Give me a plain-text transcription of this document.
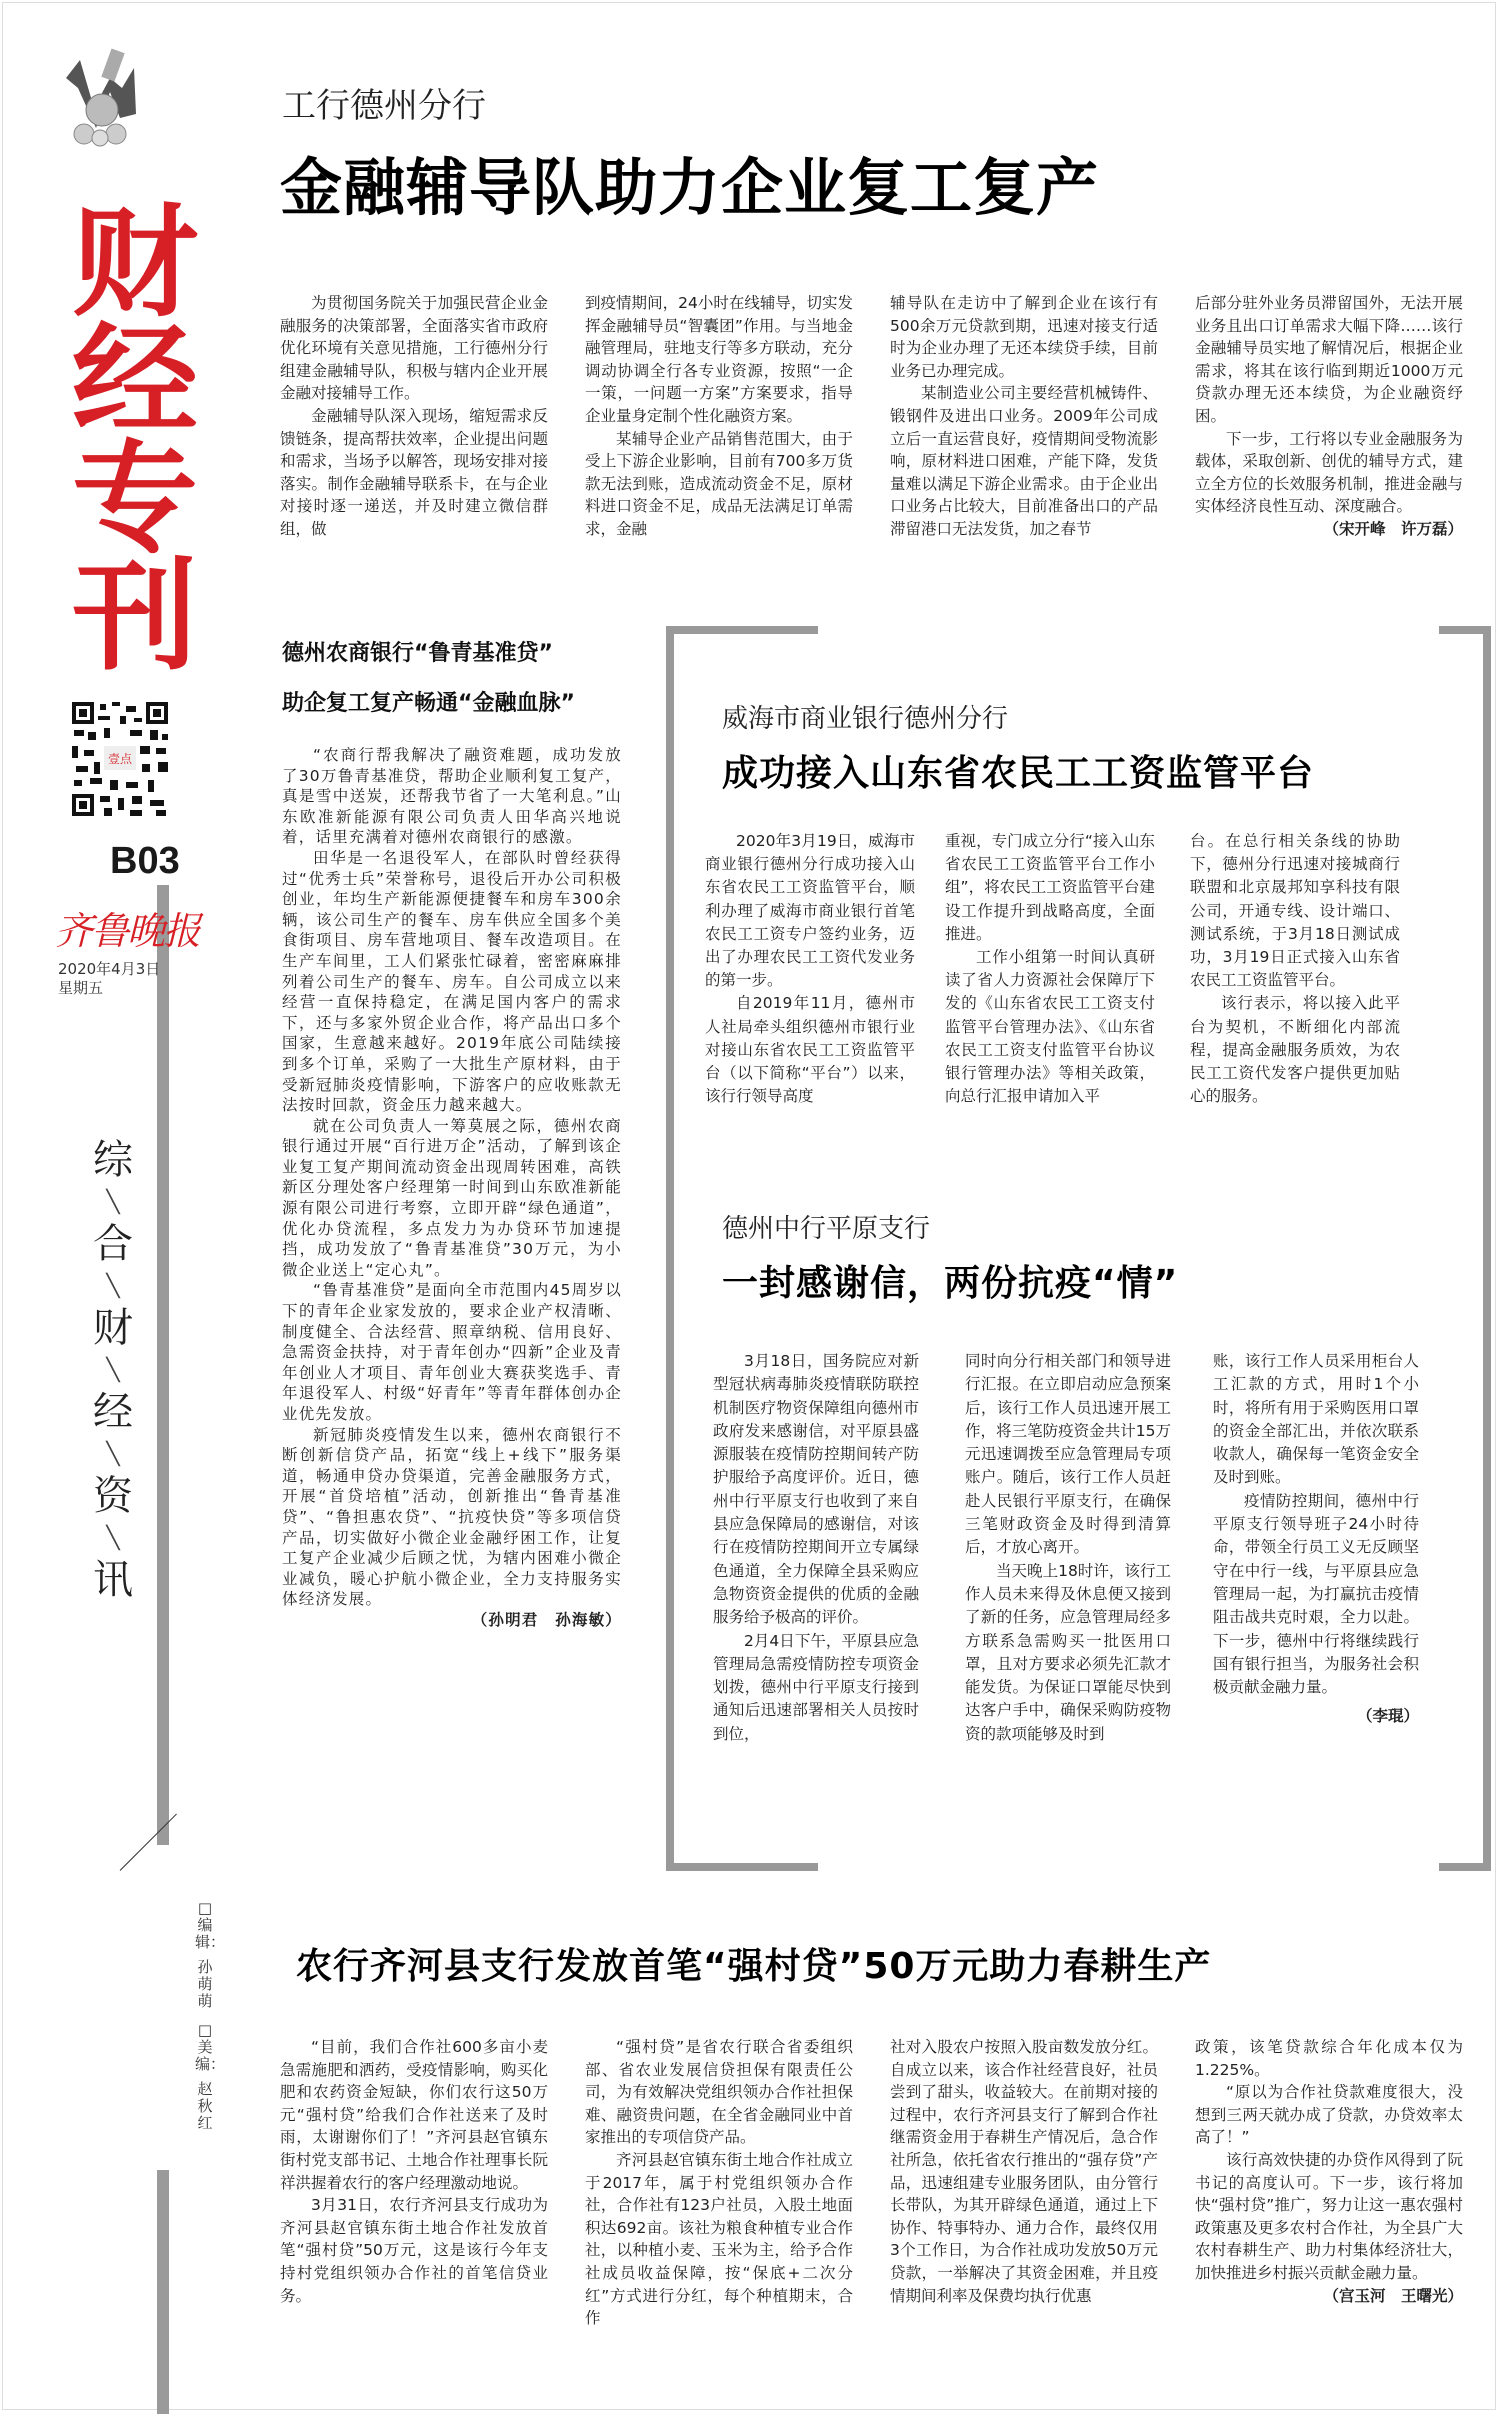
财
经
专
刊
壹点
B03
齐鲁晚报
2020年4月3日
星期五
综
╲
合
╲
财
╲
经
╲
资
╲
讯
□编辑：
孙萌萌
□美编：
赵秋红
工行德州分行
金融辅导队助力企业复工复产

为贯彻国务院关于加强民营企业金融服务的决策部署，全面落实省市政府优化环境有关意见措施，工行德州分行组建金融辅导队，积极与辖内企业开展金融对接辅导工作。

金融辅导队深入现场，缩短需求反馈链条，提高帮扶效率，企业提出问题和需求，当场予以解答，现场安排对接落实。制作金融辅导联系卡，在与企业对接时逐一递送，并及时建立微信群组，做

到疫情期间，24小时在线辅导，切实发挥金融辅导员“智囊团”作用。与当地金融管理局，驻地支行等多方联动，充分调动协调全行各专业资源，按照“一企一策，一问题一方案”方案要求，指导企业量身定制个性化融资方案。

某辅导企业产品销售范围大，由于受上下游企业影响，目前有700多万货款无法到账，造成流动资金不足，原材料进口资金不足，成品无法满足订单需求，金融

辅导队在走访中了解到企业在该行有500余万元贷款到期，迅速对接支行适时为企业办理了无还本续贷手续，目前业务已办理完成。

某制造业公司主要经营机械铸件、锻钢件及进出口业务。2009年公司成立后一直运营良好，疫情期间受物流影响，原材料进口困难，产能下降，发货量难以满足下游企业需求。由于企业出口业务占比较大，目前准备出口的产品滞留港口无法发货，加之春节

后部分驻外业务员滞留国外，无法开展业务且出口订单需求大幅下降……该行金融辅导员实地了解情况后，根据企业需求，将其在该行临到期近1000万元贷款办理无还本续贷，为企业融资纾困。

下一步，工行将以专业金融服务为载体，采取创新、创优的辅导方式，建立全方位的长效服务机制，推进金融与实体经济良性互动、深度融合。

（宋开峰　许万磊）

德州农商银行“鲁青基准贷”
助企复工复产畅通“金融血脉”

“农商行帮我解决了融资难题，成功发放了30万鲁青基准贷，帮助企业顺利复工复产，真是雪中送炭，还帮我节省了一大笔利息。”山东欧准新能源有限公司负责人田华高兴地说着，话里充满着对德州农商银行的感激。

田华是一名退役军人，在部队时曾经获得过“优秀士兵”荣誉称号，退役后开办公司积极创业，年均生产新能源便捷餐车和房车300余辆，该公司生产的餐车、房车供应全国多个美食街项目、房车营地项目、餐车改造项目。在生产车间里，工人们紧张忙碌着，密密麻麻排列着公司生产的餐车、房车。自公司成立以来经营一直保持稳定，在满足国内客户的需求下，还与多家外贸企业合作，将产品出口多个国家，生意越来越好。2019年底公司陆续接到多个订单，采购了一大批生产原材料，由于受新冠肺炎疫情影响，下游客户的应收账款无法按时回款，资金压力越来越大。

就在公司负责人一筹莫展之际，德州农商银行通过开展“百行进万企”活动，了解到该企业复工复产期间流动资金出现周转困难，高铁新区分理处客户经理第一时间到山东欧准新能源有限公司进行考察，立即开辟“绿色通道”，优化办贷流程，多点发力为办贷环节加速提挡，成功发放了“鲁青基准贷”30万元，为小微企业送上“定心丸”。

“鲁青基准贷”是面向全市范围内45周岁以下的青年企业家发放的，要求企业产权清晰、制度健全、合法经营、照章纳税、信用良好、急需资金扶持，对于青年创办“四新”企业及青年创业人才项目、青年创业大赛获奖选手、青年退役军人、村级“好青年”等青年群体创办企业优先发放。

新冠肺炎疫情发生以来，德州农商银行不断创新信贷产品，拓宽“线上+线下”服务渠道，畅通申贷办贷渠道，完善金融服务方式，开展“首贷培植”活动，创新推出“鲁青基准贷”、“鲁担惠农贷”、“抗疫快贷”等多项信贷产品，切实做好小微企业金融纾困工作，让复工复产企业减少后顾之忧，为辖内困难小微企业减负，暖心护航小微企业，全力支持服务实体经济发展。

（孙明君　孙海敏）

威海市商业银行德州分行
成功接入山东省农民工工资监管平台

2020年3月19日，威海市商业银行德州分行成功接入山东省农民工工资监管平台，顺利办理了威海市商业银行首笔农民工工资专户签约业务，迈出了办理农民工工资代发业务的第一步。

自2019年11月，德州市人社局牵头组织德州市银行业对接山东省农民工工资监管平台（以下简称“平台”）以来，该行行领导高度

重视，专门成立分行“接入山东省农民工工资监管平台工作小组”，将农民工工资监管平台建设工作提升到战略高度，全面推进。

工作小组第一时间认真研读了省人力资源社会保障厅下发的《山东省农民工工资支付监管平台管理办法》、《山东省农民工工资支付监管平台协议银行管理办法》等相关政策，向总行汇报申请加入平

台。在总行相关条线的协助下，德州分行迅速对接城商行联盟和北京晟邦知享科技有限公司，开通专线、设计端口、测试系统，于3月18日测试成功，3月19日正式接入山东省农民工工资监管平台。

该行表示，将以接入此平台为契机，不断细化内部流程，提高金融服务质效，为农民工工资代发客户提供更加贴心的服务。

德州中行平原支行
一封感谢信，两份抗疫“情”

3月18日，国务院应对新型冠状病毒肺炎疫情联防联控机制医疗物资保障组向德州市政府发来感谢信，对平原县盛源服装在疫情防控期间转产防护服给予高度评价。近日，德州中行平原支行也收到了来自县应急保障局的感谢信，对该行在疫情防控期间开立专属绿色通道，全力保障全县采购应急物资资金提供的优质的金融服务给予极高的评价。

2月4日下午，平原县应急管理局急需疫情防控专项资金划拨，德州中行平原支行接到通知后迅速部署相关人员按时到位，

同时向分行相关部门和领导进行汇报。在立即启动应急预案后，该行工作人员迅速开展工作，将三笔防疫资金共计15万元迅速调拨至应急管理局专项账户。随后，该行工作人员赶赴人民银行平原支行，在确保三笔财政资金及时得到清算后，才放心离开。

当天晚上18时许，该行工作人员未来得及休息便又接到了新的任务，应急管理局经多方联系急需购买一批医用口罩，且对方要求必须先汇款才能发货。为保证口罩能尽快到达客户手中，确保采购防疫物资的款项能够及时到

账，该行工作人员采用柜台人工汇款的方式，用时1个小时，将所有用于采购医用口罩的资金全部汇出，并依次联系收款人，确保每一笔资金安全及时到账。

疫情防控期间，德州中行平原支行领导班子24小时待命，带领全行员工义无反顾坚守在中行一线，与平原县应急管理局一起，为打赢抗击疫情阻击战共克时艰，全力以赴。下一步，德州中行将继续践行国有银行担当，为服务社会积极贡献金融力量。

（李琨）

农行齐河县支行发放首笔“强村贷”50万元助力春耕生产

“目前，我们合作社600多亩小麦急需施肥和洒药，受疫情影响，购买化肥和农药资金短缺，你们农行这50万元“强村贷”给我们合作社送来了及时雨，太谢谢你们了！”齐河县赵官镇东街村党支部书记、土地合作社理事长阮祥洪握着农行的客户经理激动地说。

3月31日，农行齐河县支行成功为齐河县赵官镇东街土地合作社发放首笔“强村贷”50万元，这是该行今年支持村党组织领办合作社的首笔信贷业务。

“强村贷”是省农行联合省委组织部、省农业发展信贷担保有限责任公司，为有效解决党组织领办合作社担保难、融资贵问题，在全省金融同业中首家推出的专项信贷产品。

齐河县赵官镇东街土地合作社成立于2017年，属于村党组织领办合作社，合作社有123户社员，入股土地面积达692亩。该社为粮食种植专业合作社，以种植小麦、玉米为主，给予合作社成员收益保障，按“保底+二次分红”方式进行分红，每个种植期末，合作

社对入股农户按照入股亩数发放分红。自成立以来，该合作社经营良好，社员尝到了甜头，收益较大。在前期对接的过程中，农行齐河县支行了解到合作社继需资金用于春耕生产情况后，急合作社所急，依托省农行推出的“强存贷”产品，迅速组建专业服务团队，由分管行长带队，为其开辟绿色通道，通过上下协作、特事特办、通力合作，最终仅用3个工作日，为合作社成功发放50万元贷款，一举解决了其资金困难，并且疫情期间利率及保费均执行优惠

政策，该笔贷款综合年化成本仅为1.225%。

“原以为合作社贷款难度很大，没想到三两天就办成了贷款，办贷效率太高了！”

该行高效快捷的办贷作风得到了阮书记的高度认可。下一步，该行将加快“强村贷”推广，努力让这一惠农强村政策惠及更多农村合作社，为全县广大农村春耕生产、助力村集体经济壮大，加快推进乡村振兴贡献金融力量。

（宫玉河　王曙光）
